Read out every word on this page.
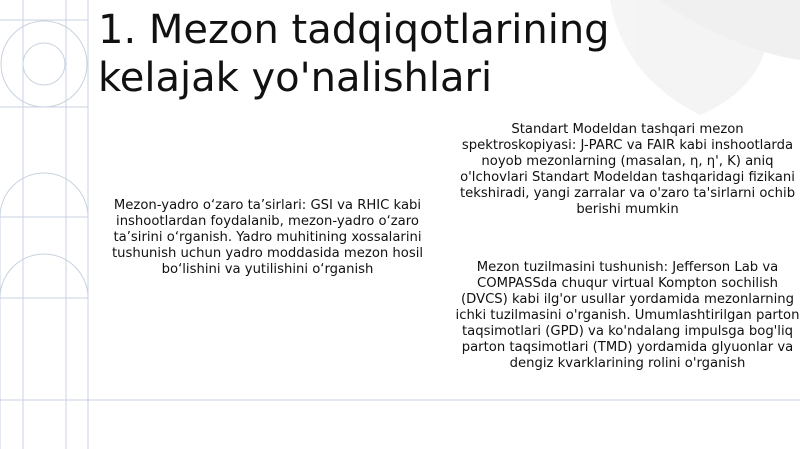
1. Mezon tadqiqotlarining
kelajak yo'nalishlari

Mezon-yadro o‘zaro ta’sirlari: GSI va RHIC kabi inshootlardan foydalanib, mezon-yadro o‘zaro ta’sirini o‘rganish. Yadro muhitining xossalarini tushunish uchun yadro moddasida mezon hosil bo‘lishini va yutilishini o‘rganish

Standart Modeldan tashqari mezon spektroskopiyasi: J-PARC va FAIR kabi inshootlarda noyob mezonlarning (masalan, η, η', K) aniq o'lchovlari Standart Modeldan tashqaridagi fizikani tekshiradi, yangi zarralar va o'zaro ta'sirlarni ochib berishi mumkin

Mezon tuzilmasini tushunish: Jefferson Lab va COMPASSda chuqur virtual Kompton sochilish (DVCS) kabi ilg'or usullar yordamida mezonlarning ichki tuzilmasini o'rganish. Umumlashtirilgan parton taqsimotlari (GPD) va ko'ndalang impulsga bog'liq parton taqsimotlari (TMD) yordamida glyuonlar va dengiz kvarklarining rolini o'rganish
